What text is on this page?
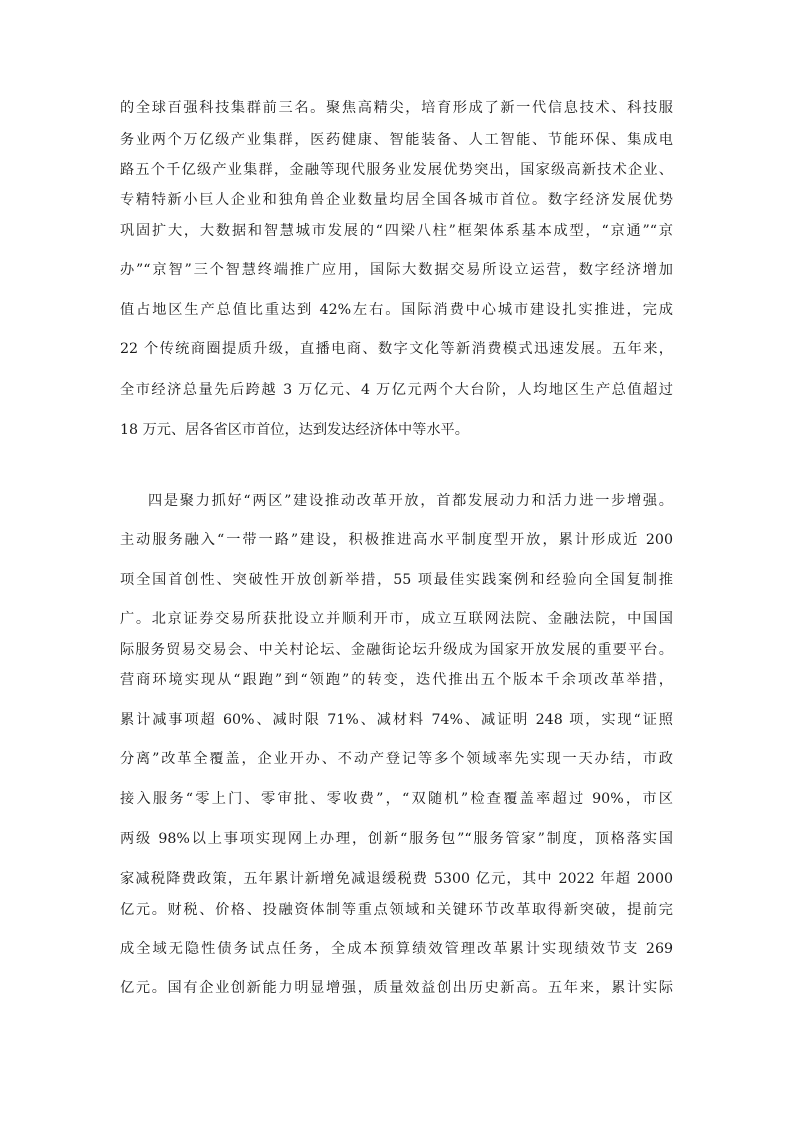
的全球百强科技集群前三名。聚焦高精尖，培育形成了新一代信息技术、科技服
务业两个万亿级产业集群，医药健康、智能装备、人工智能、节能环保、集成电
路五个千亿级产业集群，金融等现代服务业发展优势突出，国家级高新技术企业、
专精特新小巨人企业和独角兽企业数量均居全国各城市首位。数字经济发展优势
巩固扩大，大数据和智慧城市发展的“四梁八柱”框架体系基本成型，“京通”“京
办”“京智”三个智慧终端推广应用，国际大数据交易所设立运营，数字经济增加
值占地区生产总值比重达到 42%左右。国际消费中心城市建设扎实推进，完成
22 个传统商圈提质升级，直播电商、数字文化等新消费模式迅速发展。五年来，
全市经济总量先后跨越 3 万亿元、4 万亿元两个大台阶，人均地区生产总值超过
18 万元、居各省区市首位，达到发达经济体中等水平。
四是聚力抓好“两区”建设推动改革开放，首都发展动力和活力进一步增强。
主动服务融入“一带一路”建设，积极推进高水平制度型开放，累计形成近 200
项全国首创性、突破性开放创新举措，55 项最佳实践案例和经验向全国复制推
广。北京证券交易所获批设立并顺利开市，成立互联网法院、金融法院，中国国
际服务贸易交易会、中关村论坛、金融街论坛升级成为国家开放发展的重要平台。
营商环境实现从“跟跑”到“领跑”的转变，迭代推出五个版本千余项改革举措，
累计减事项超 60%、减时限 71%、减材料 74%、减证明 248 项，实现“证照
分离”改革全覆盖，企业开办、不动产登记等多个领域率先实现一天办结，市政
接入服务“零上门、零审批、零收费”，“双随机”检查覆盖率超过 90%，市区
两级 98%以上事项实现网上办理，创新“服务包”“服务管家”制度，顶格落实国
家减税降费政策，五年累计新增免减退缓税费 5300 亿元，其中 2022 年超 2000
亿元。财税、价格、投融资体制等重点领域和关键环节改革取得新突破，提前完
成全域无隐性债务试点任务，全成本预算绩效管理改革累计实现绩效节支 269
亿元。国有企业创新能力明显增强，质量效益创出历史新高。五年来，累计实际
